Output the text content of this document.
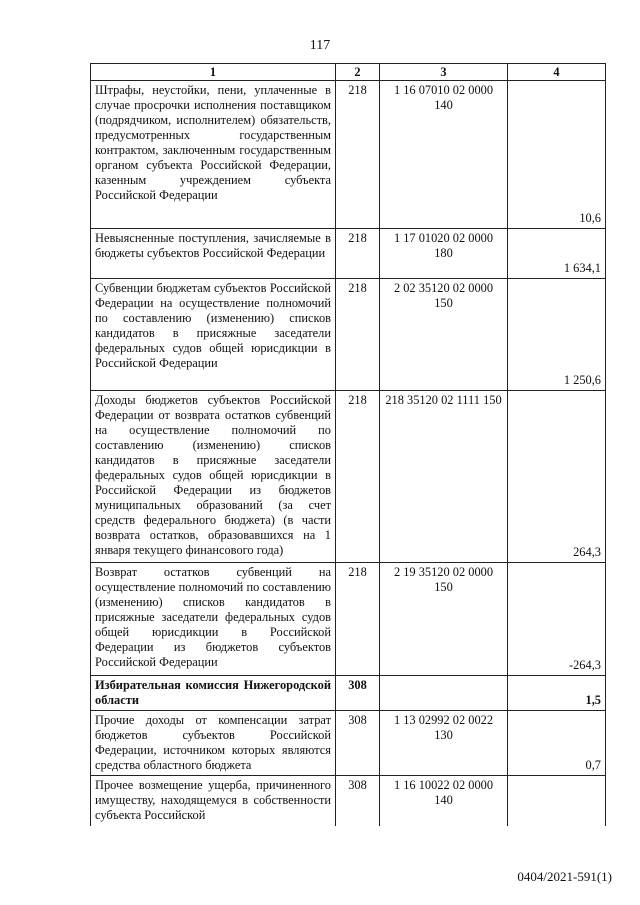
117
1	2	3	4
Штрафы, неустойки, пени, уплаченные в случае просрочки исполнения поставщиком (подрядчиком, исполнителем) обязательств, предусмотренных государственным контрактом, заключенным государственным органом субъекта Российской Федерации, казенным учреждением субъекта Российской Федерации	218	1 16 07010 02 0000 140	10,6
Невыясненные поступления, зачисляемые в бюджеты субъектов Российской Федерации	218	1 17 01020 02 0000 180	1 634,1
Субвенции бюджетам субъектов Российской Федерации на осуществление полномочий по составлению (изменению) списков кандидатов в присяжные заседатели федеральных судов общей юрисдикции в Российской Федерации	218	2 02 35120 02 0000 150	1 250,6
Доходы бюджетов субъектов Российской Федерации от возврата остатков субвенций на осуществление полномочий по составлению (изменению) списков кандидатов в присяжные заседатели федеральных судов общей юрисдикции в Российской Федерации из бюджетов муниципальных образований (за счет средств федерального бюджета) (в части возврата остатков, образовавшихся на 1 января текущего финансового года)	218	218 35120 02 1111 150	264,3
Возврат остатков субвенций на осуществление полномочий по составлению (изменению) списков кандидатов в присяжные заседатели федеральных судов общей юрисдикции в Российской Федерации из бюджетов субъектов Российской Федерации	218	2 19 35120 02 0000 150	-264,3
Избирательная комиссия Нижегородской области	308		1,5
Прочие доходы от компенсации затрат бюджетов субъектов Российской Федерации, источником которых являются средства областного бюджета	308	1 13 02992 02 0022 130	0,7
Прочее возмещение ущерба, причиненного имуществу, находящемуся в собственности субъекта Российской	308	1 16 10022 02 0000 140	
0404/2021-591(1)
